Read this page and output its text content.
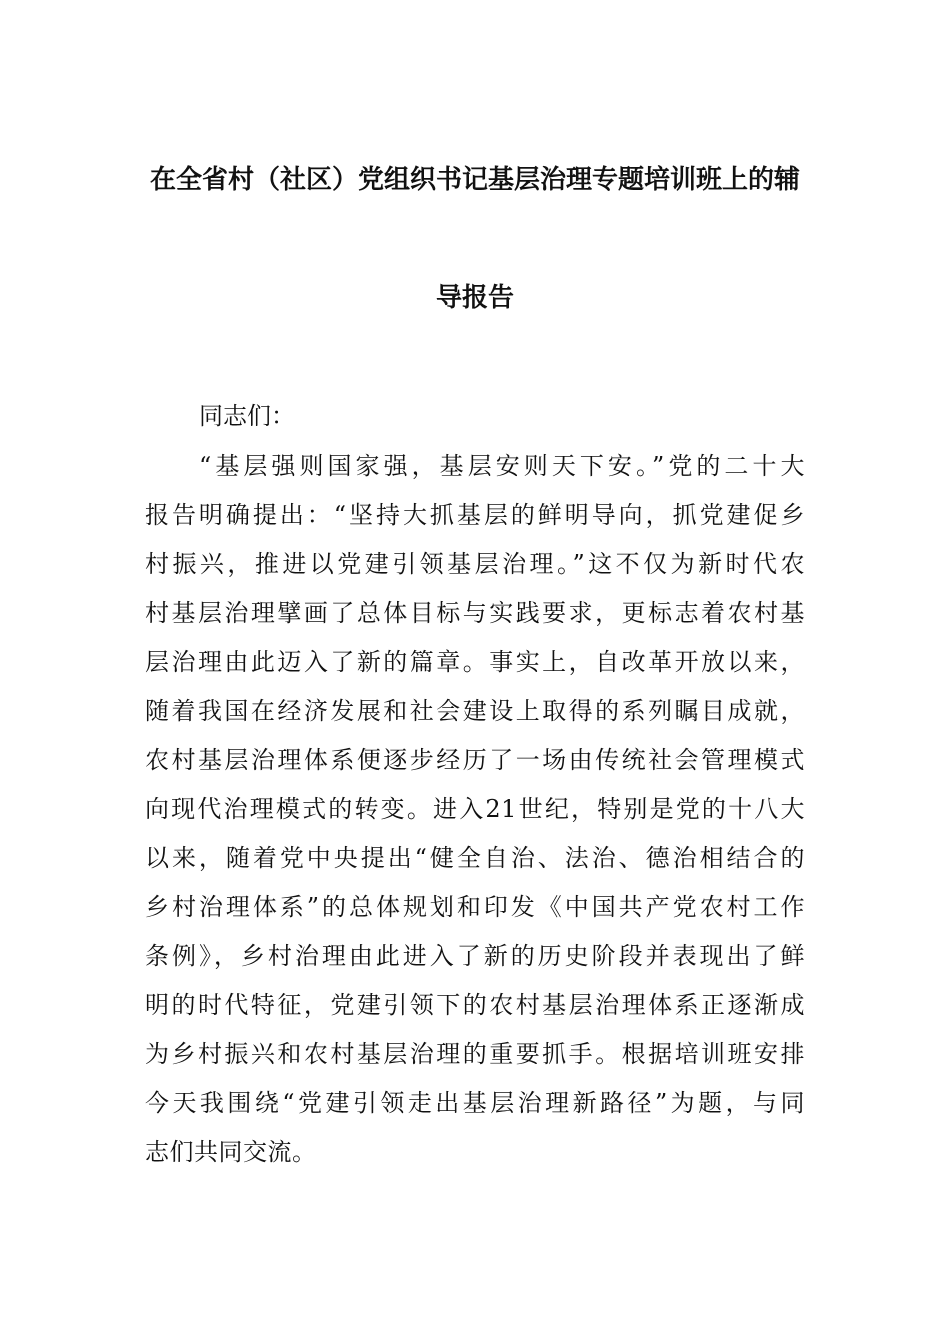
在全省村（社区）党组织书记基层治理专题培训班上的辅
导报告

同志们：

“基层强则国家强，基层安则天下安。”党的二十大
报告明确提出：“坚持大抓基层的鲜明导向，抓党建促乡
村振兴，推进以党建引领基层治理。”这不仅为新时代农
村基层治理擘画了总体目标与实践要求，更标志着农村基
层治理由此迈入了新的篇章。事实上，自改革开放以来，
随着我国在经济发展和社会建设上取得的系列瞩目成就，
农村基层治理体系便逐步经历了一场由传统社会管理模式
向现代治理模式的转变。进入21世纪，特别是党的十八大
以来，随着党中央提出“健全自治、法治、德治相结合的
乡村治理体系”的总体规划和印发《中国共产党农村工作
条例》，乡村治理由此进入了新的历史阶段并表现出了鲜
明的时代特征，党建引领下的农村基层治理体系正逐渐成
为乡村振兴和农村基层治理的重要抓手。根据培训班安排
今天我围绕“党建引领走出基层治理新路径”为题，与同
志们共同交流。
